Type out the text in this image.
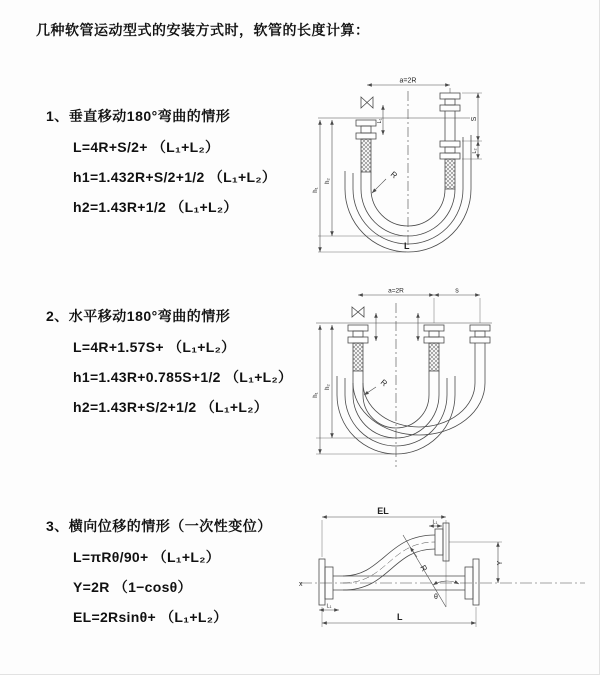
几种软管运动型式的安装方式时，软管的长度计算：
1、垂直移动180°弯曲的情形
L=4R+S/2+ （L₁+L₂）
h1=1.432R+S/2+1/2 （L₁+L₂）
h2=1.43R+1/2 （L₁+L₂）
2、水平移动180°弯曲的情形
L=4R+1.57S+ （L₁+L₂）
h1=1.43R+0.785S+1/2 （L₁+L₂）
h2=1.43R+S/2+1/2 （L₁+L₂）
3、横向位移的情形（一次性变位）
L=πRθ/90+ （L₁+L₂）
Y=2R （1−cosθ）
EL=2Rsinθ+ （L₁+L₂）
a=2R
S
L₂
L₁
h₁
h₂
R
L
a=2R	s
h₁
h₂	R
EL
L₁
Y
R
θ
x
L
L₁
